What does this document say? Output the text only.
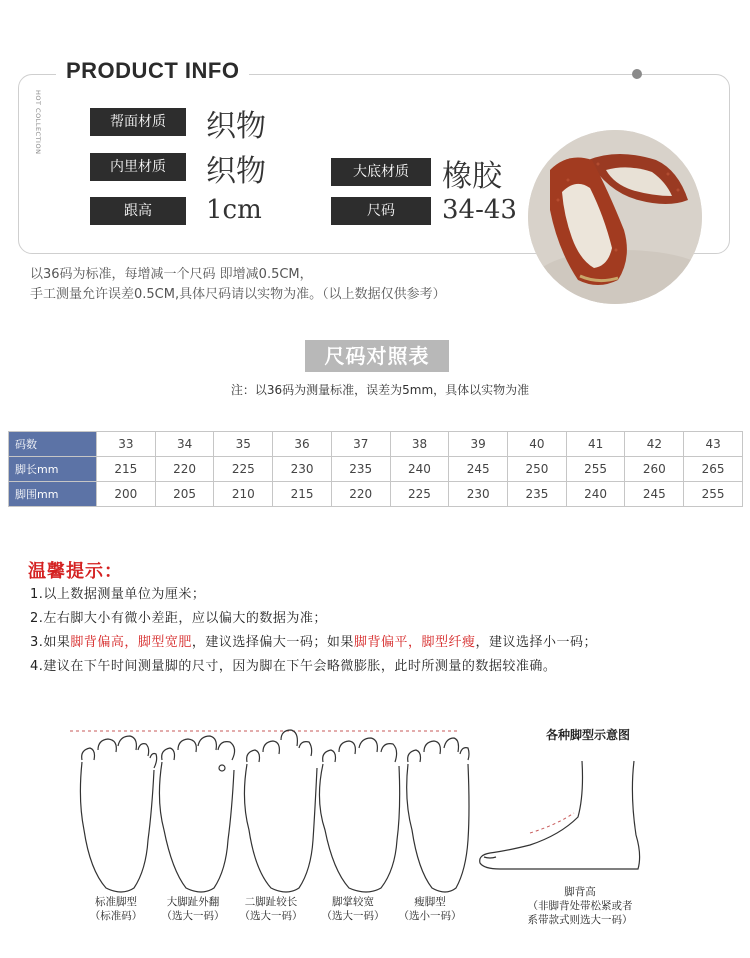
PRODUCT INFO
HOT COLLECTION	帮面材质	织物
内里材质	织物
跟高	1cm
大底材质	橡胶
尺码	34-43
以36码为标准，每增减一个尺码 即增减0.5CM，
手工测量允许误差0.5CM,具体尺码请以实物为准。（以上数据仅供参考）
尺码对照表
注：以36码为测量标准，误差为5mm，具体以实物为准
码数	33	34	35	36	37	38	39	40	41	42	43
脚长mm	215	220	225	230	235	240	245	250	255	260	265
脚围mm	200	205	210	215	220	225	230	235	240	245	255
温馨提示：
1.以上数据测量单位为厘米；
2.左右脚大小有微小差距，应以偏大的数据为准；
3.如果脚背偏高，脚型宽肥，建议选择偏大一码；如果脚背偏平，脚型纤瘦，建议选择小一码；
4.建议在下午时间测量脚的尺寸，因为脚在下午会略微膨胀，此时所测量的数据较准确。
标准脚型
（标准码）
大脚趾外翻
（选大一码）
二脚趾较长
（选大一码）
脚掌较宽
（选大一码）
瘦脚型
（选小一码）
各种脚型示意图
脚背高
（非脚背处带松紧或者
系带款式则选大一码）
